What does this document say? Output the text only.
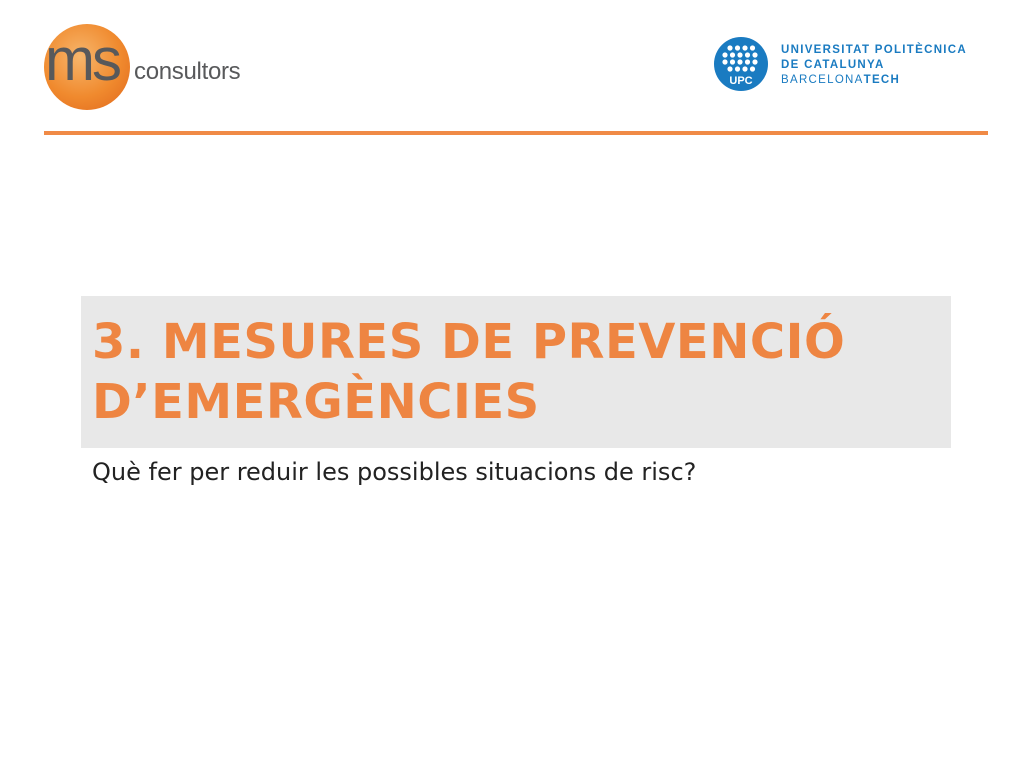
ms consultors	UPC
UNIVERSITAT POLITÈCNICA
DE CATALUNYA
BARCELONATECH
3. MESURES DE PREVENCIÓ
D’EMERGÈNCIES

Què fer per reduir les possibles situacions de risc?
